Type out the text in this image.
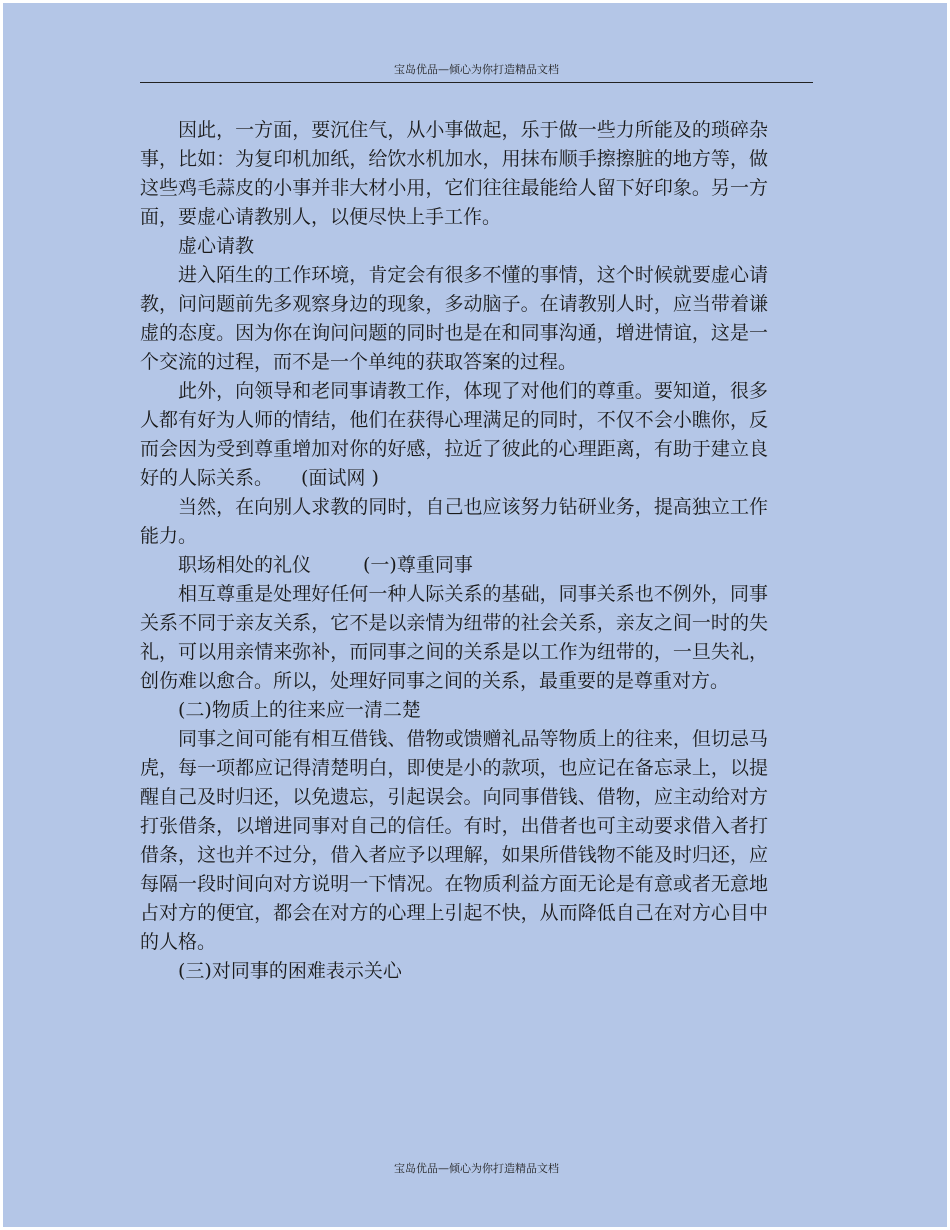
宝岛优品—倾心为你打造精品文档

因此，一方面，要沉住气，从小事做起，乐于做一些力所能及的琐碎杂事，比如：为复印机加纸，给饮水机加水，用抹布顺手擦擦脏的地方等，做这些鸡毛蒜皮的小事并非大材小用，它们往往最能给人留下好印象。另一方面，要虚心请教别人，以便尽快上手工作。

虚心请教

进入陌生的工作环境，肯定会有很多不懂的事情，这个时候就要虚心请教，问问题前先多观察身边的现象，多动脑子。在请教别人时，应当带着谦虚的态度。因为你在询问问题的同时也是在和同事沟通，增进情谊，这是一个交流的过程，而不是一个单纯的获取答案的过程。

此外，向领导和老同事请教工作，体现了对他们的尊重。要知道，很多人都有好为人师的情结，他们在获得心理满足的同时，不仅不会小瞧你，反而会因为受到尊重增加对你的好感，拉近了彼此的心理距离，有助于建立良好的人际关系。 (面试网 )

当然，在向别人求教的同时，自己也应该努力钻研业务，提高独立工作能力。

职场相处的礼仪	(一)尊重同事

相互尊重是处理好任何一种人际关系的基础，同事关系也不例外，同事关系不同于亲友关系，它不是以亲情为纽带的社会关系，亲友之间一时的失礼，可以用亲情来弥补，而同事之间的关系是以工作为纽带的，一旦失礼，创伤难以愈合。所以，处理好同事之间的关系，最重要的是尊重对方。

(二)物质上的往来应一清二楚

同事之间可能有相互借钱、借物或馈赠礼品等物质上的往来，但切忌马虎，每一项都应记得清楚明白，即使是小的款项，也应记在备忘录上，以提醒自己及时归还，以免遗忘，引起误会。向同事借钱、借物，应主动给对方打张借条，以增进同事对自己的信任。有时，出借者也可主动要求借入者打借条，这也并不过分，借入者应予以理解，如果所借钱物不能及时归还，应每隔一段时间向对方说明一下情况。在物质利益方面无论是有意或者无意地占对方的便宜，都会在对方的心理上引起不快，从而降低自己在对方心目中的人格。

(三)对同事的困难表示关心

宝岛优品—倾心为你打造精品文档
